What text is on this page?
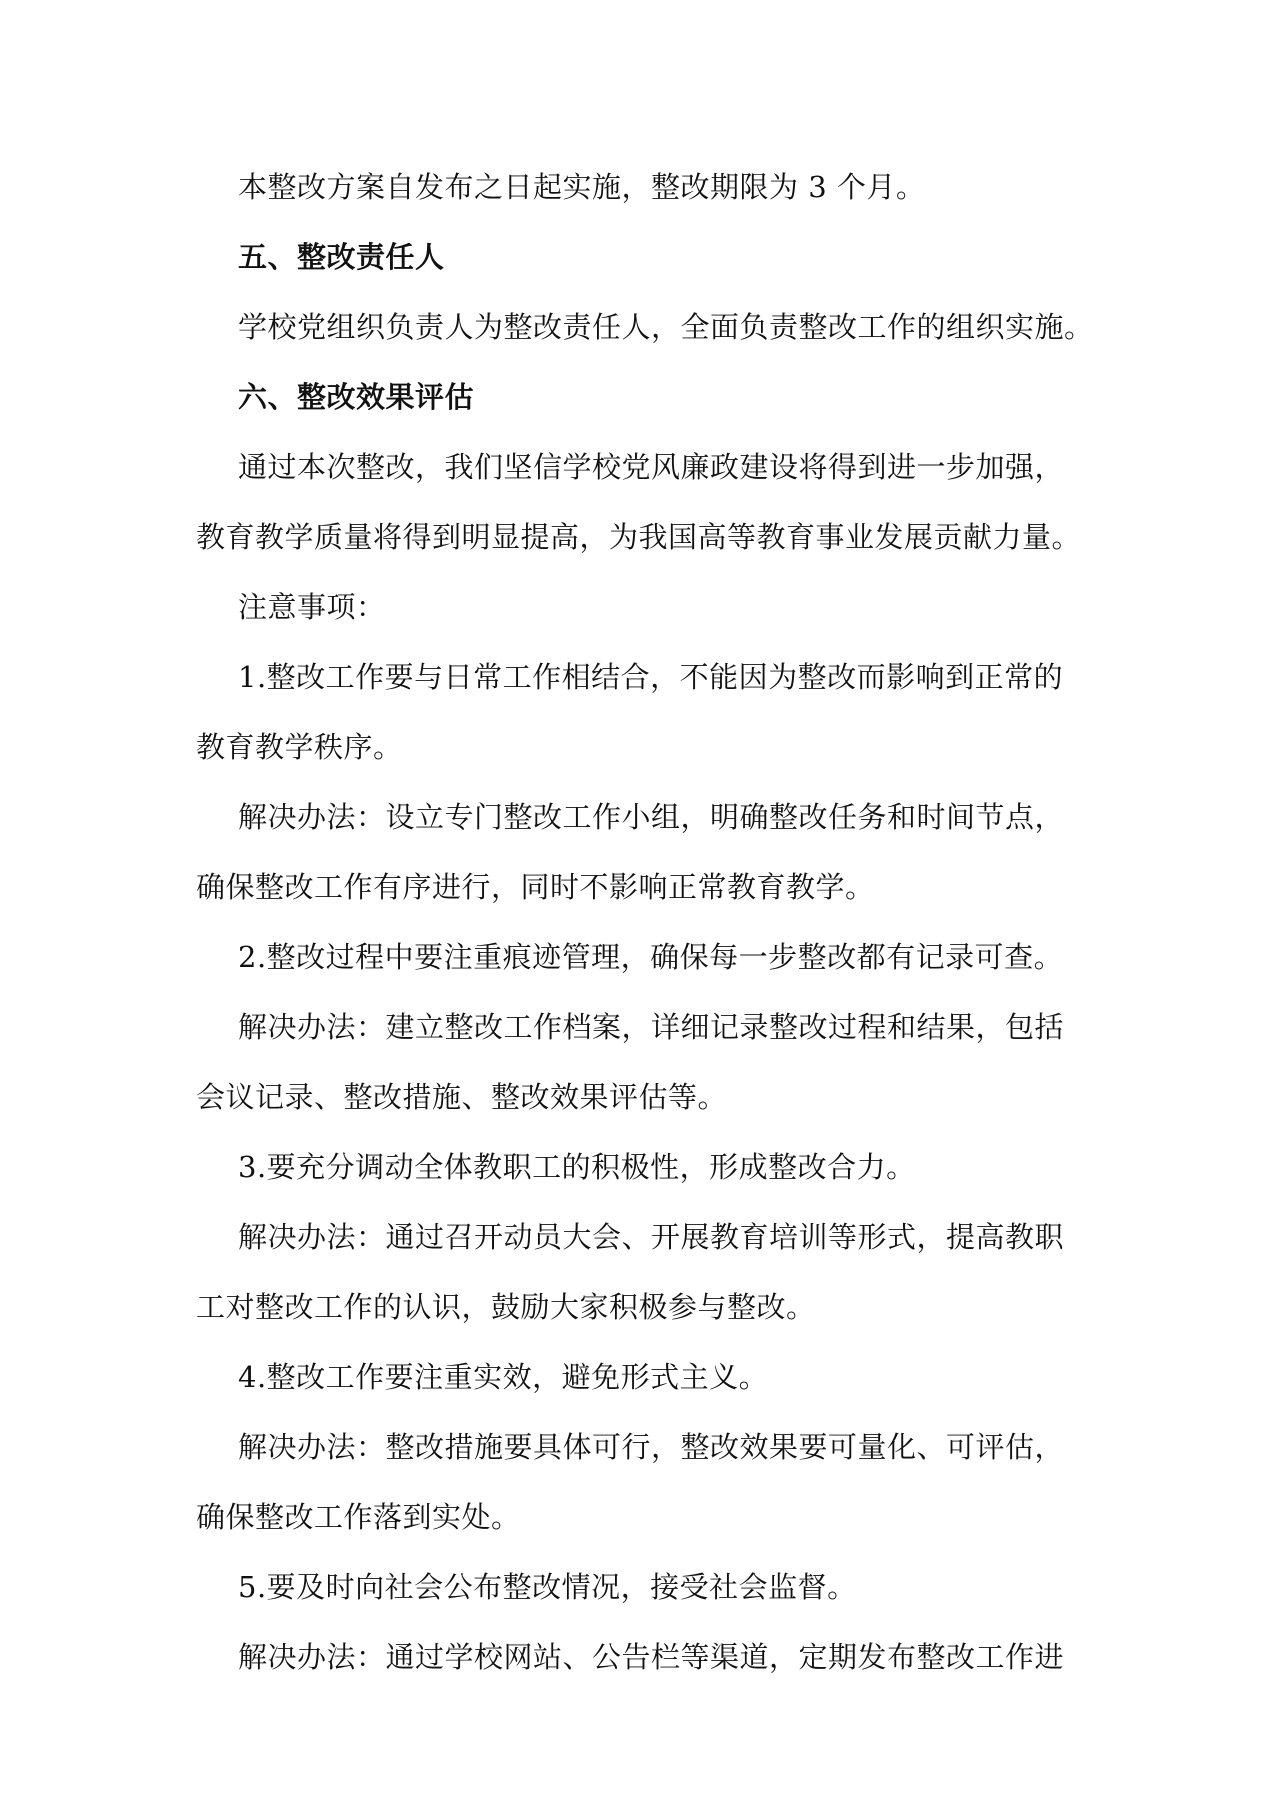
本整改方案自发布之日起实施，整改期限为 3 个月。
五、整改责任人
学校党组织负责人为整改责任人，全面负责整改工作的组织实施。
六、整改效果评估
通过本次整改，我们坚信学校党风廉政建设将得到进一步加强，
教育教学质量将得到明显提高，为我国高等教育事业发展贡献力量。
注意事项：
1.整改工作要与日常工作相结合，不能因为整改而影响到正常的
教育教学秩序。
解决办法：设立专门整改工作小组，明确整改任务和时间节点，
确保整改工作有序进行，同时不影响正常教育教学。
2.整改过程中要注重痕迹管理，确保每一步整改都有记录可查。
解决办法：建立整改工作档案，详细记录整改过程和结果，包括
会议记录、整改措施、整改效果评估等。
3.要充分调动全体教职工的积极性，形成整改合力。
解决办法：通过召开动员大会、开展教育培训等形式，提高教职
工对整改工作的认识，鼓励大家积极参与整改。
4.整改工作要注重实效，避免形式主义。
解决办法：整改措施要具体可行，整改效果要可量化、可评估，
确保整改工作落到实处。
5.要及时向社会公布整改情况，接受社会监督。
解决办法：通过学校网站、公告栏等渠道，定期发布整改工作进
